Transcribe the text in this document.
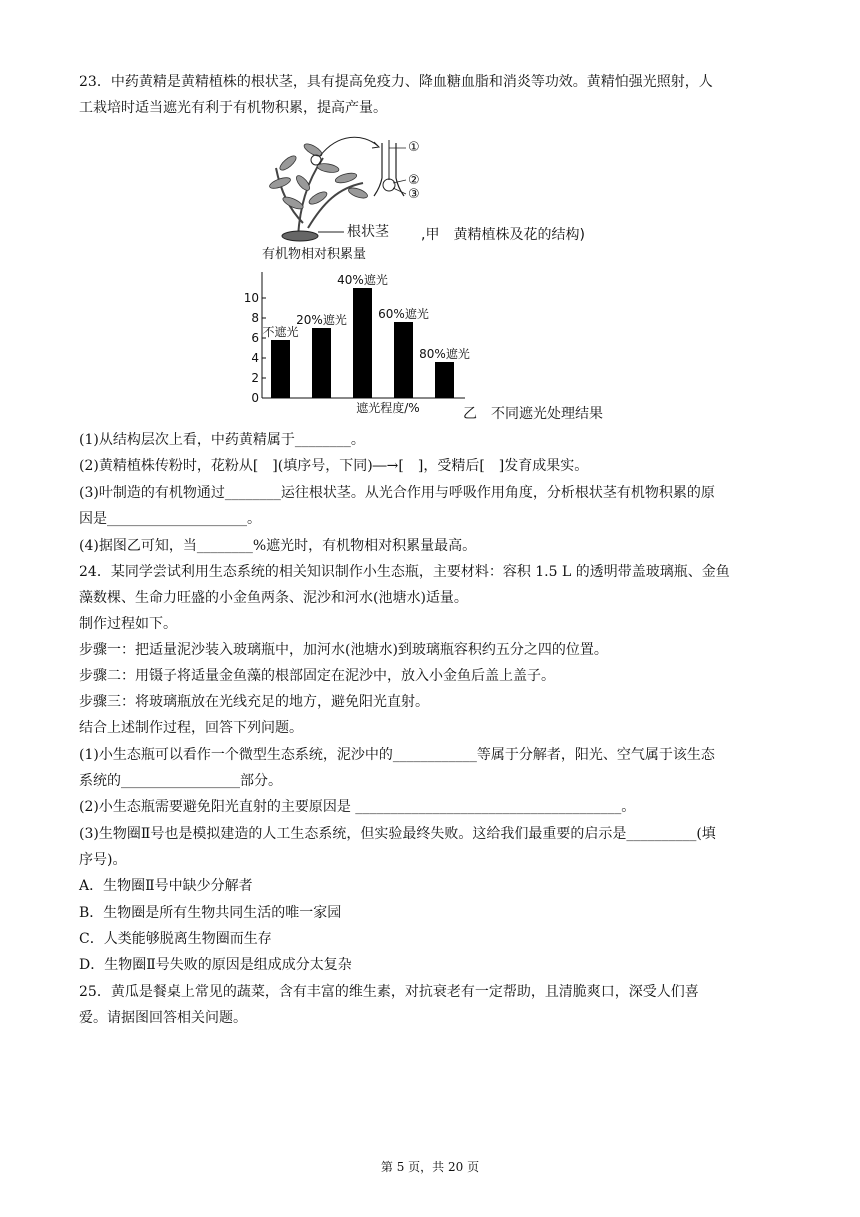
23．中药黄精是黄精植株的根状茎，具有提高免疫力、降血糖血脂和消炎等功效。黄精怕强光照射，人
工栽培时适当遮光有利于有机物积累，提高产量。
①
②
③
根状茎 ,甲　黄精植株及花的结构)
有机物相对积累量
0
2
4
6
8
10
不遮光
20%遮光
40%遮光
60%遮光
80%遮光
遮光程度/%	乙　不同遮光处理结果
(1)从结构层次上看，中药黄精属于________。
(2)黄精植株传粉时，花粉从[　](填序号，下同)―→[　]，受精后[　]发育成果实。
(3)叶制造的有机物通过________运往根状茎。从光合作用与呼吸作用角度，分析根状茎有机物积累的原
因是____________________。
(4)据图乙可知，当________%遮光时，有机物相对积累量最高。
24．某同学尝试利用生态系统的相关知识制作小生态瓶，主要材料：容积 1.5 L 的透明带盖玻璃瓶、金鱼
藻数棵、生命力旺盛的小金鱼两条、泥沙和河水(池塘水)适量。
制作过程如下。
步骤一：把适量泥沙装入玻璃瓶中，加河水(池塘水)到玻璃瓶容积约五分之四的位置。
步骤二：用镊子将适量金鱼藻的根部固定在泥沙中，放入小金鱼后盖上盖子。
步骤三：将玻璃瓶放在光线充足的地方，避免阳光直射。
结合上述制作过程，回答下列问题。
(1)小生态瓶可以看作一个微型生态系统，泥沙中的____________等属于分解者，阳光、空气属于该生态
系统的_________________部分。
(2)小生态瓶需要避免阳光直射的主要原因是 ______________________________________。
(3)生物圈Ⅱ号也是模拟建造的人工生态系统，但实验最终失败。这给我们最重要的启示是__________(填
序号)。
A．生物圈Ⅱ号中缺少分解者
B．生物圈是所有生物共同生活的唯一家园
C．人类能够脱离生物圈而生存
D．生物圈Ⅱ号失败的原因是组成成分太复杂
25．黄瓜是餐桌上常见的蔬菜，含有丰富的维生素，对抗衰老有一定帮助，且清脆爽口，深受人们喜
爱。请据图回答相关问题。
第 5 页，共 20 页
